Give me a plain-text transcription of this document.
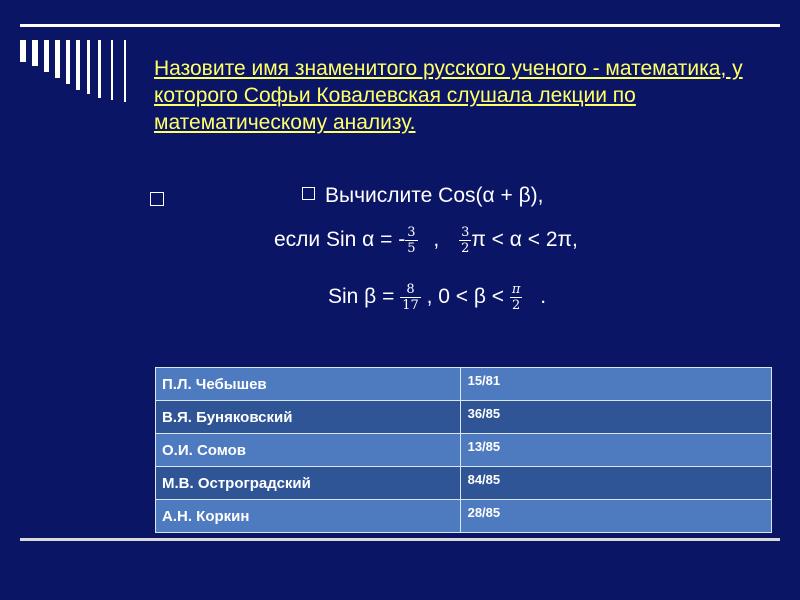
Назовите имя знаменитого русского ученого - математика, у которого Софьи Ковалевская слушала лекции по математическому анализу.
Вычислите Cos(α + β),
если Sin α = - $\frac{3}{5}$ , $\frac{3}{2}$ π < α < 2π,
Sin $\beta = \frac{8}{17}$ , $0 < \beta < \frac{\pi}{2}$ .
П.Л. Чебышев	15/81
В.Я. Буняковский	36/85
О.И. Сомов	13/85
М.В. Остроградский	84/85
А.Н. Коркин	28/85
